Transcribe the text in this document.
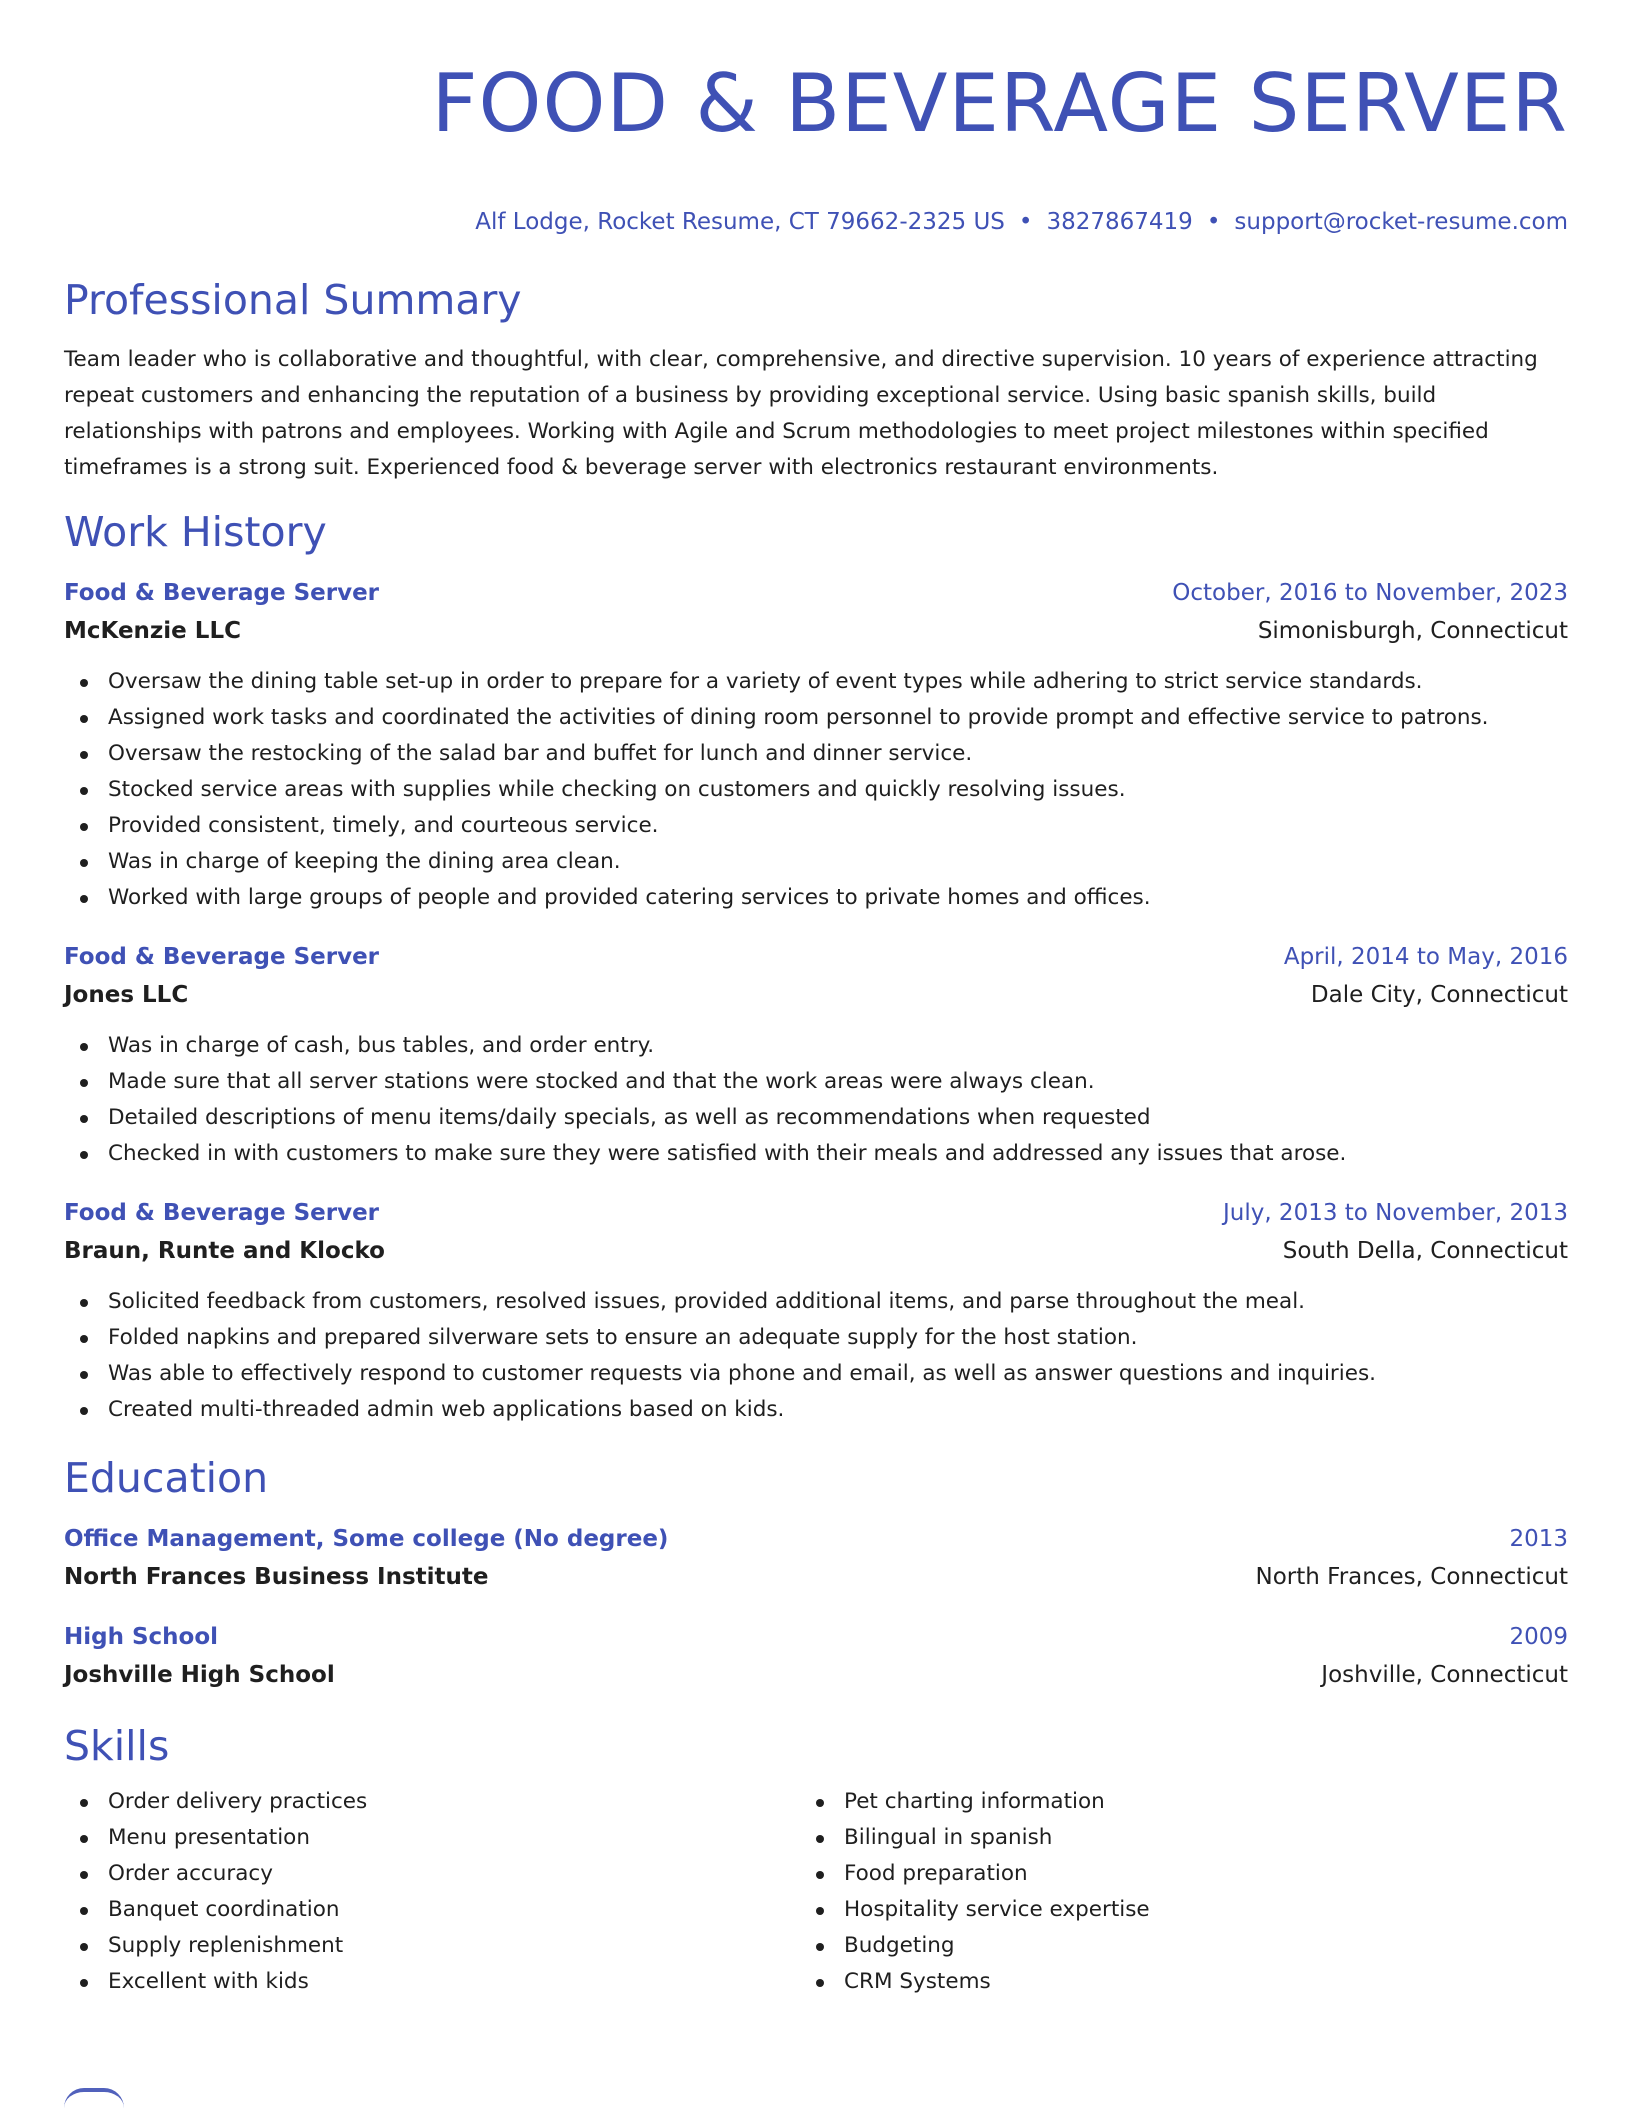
FOOD & BEVERAGE SERVER
Alf Lodge, Rocket Resume, CT 79662-2325 US • 3827867419 • support@rocket-resume.com
Professional Summary

Team leader who is collaborative and thoughtful, with clear, comprehensive, and directive supervision. 10 years of experience attracting repeat customers and enhancing the reputation of a business by providing exceptional service. Using basic spanish skills, build relationships with patrons and employees. Working with Agile and Scrum methodologies to meet project milestones within specified timeframes is a strong suit. Experienced food & beverage server with electronics restaurant environments.

Work History
Food & Beverage Server	October, 2016 to November, 2023
McKenzie LLC	Simonisburgh, Connecticut
Oversaw the dining table set-up in order to prepare for a variety of event types while adhering to strict service standards.
Assigned work tasks and coordinated the activities of dining room personnel to provide prompt and effective service to patrons.
Oversaw the restocking of the salad bar and buffet for lunch and dinner service.
Stocked service areas with supplies while checking on customers and quickly resolving issues.
Provided consistent, timely, and courteous service.
Was in charge of keeping the dining area clean.
Worked with large groups of people and provided catering services to private homes and offices.
Food & Beverage Server	April, 2014 to May, 2016
Jones LLC	Dale City, Connecticut
Was in charge of cash, bus tables, and order entry.
Made sure that all server stations were stocked and that the work areas were always clean.
Detailed descriptions of menu items/daily specials, as well as recommendations when requested
Checked in with customers to make sure they were satisfied with their meals and addressed any issues that arose.
Food & Beverage Server	July, 2013 to November, 2013
Braun, Runte and Klocko	South Della, Connecticut
Solicited feedback from customers, resolved issues, provided additional items, and parse throughout the meal.
Folded napkins and prepared silverware sets to ensure an adequate supply for the host station.
Was able to effectively respond to customer requests via phone and email, as well as answer questions and inquiries.
Created multi-threaded admin web applications based on kids.
Education
Office Management, Some college (No degree)	2013
North Frances Business Institute	North Frances, Connecticut
High School	2009
Joshville High School	Joshville, Connecticut
Skills
Order delivery practices
Menu presentation
Order accuracy
Banquet coordination
Supply replenishment
Excellent with kids
Pet charting information
Bilingual in spanish
Food preparation
Hospitality service expertise
Budgeting
CRM Systems
